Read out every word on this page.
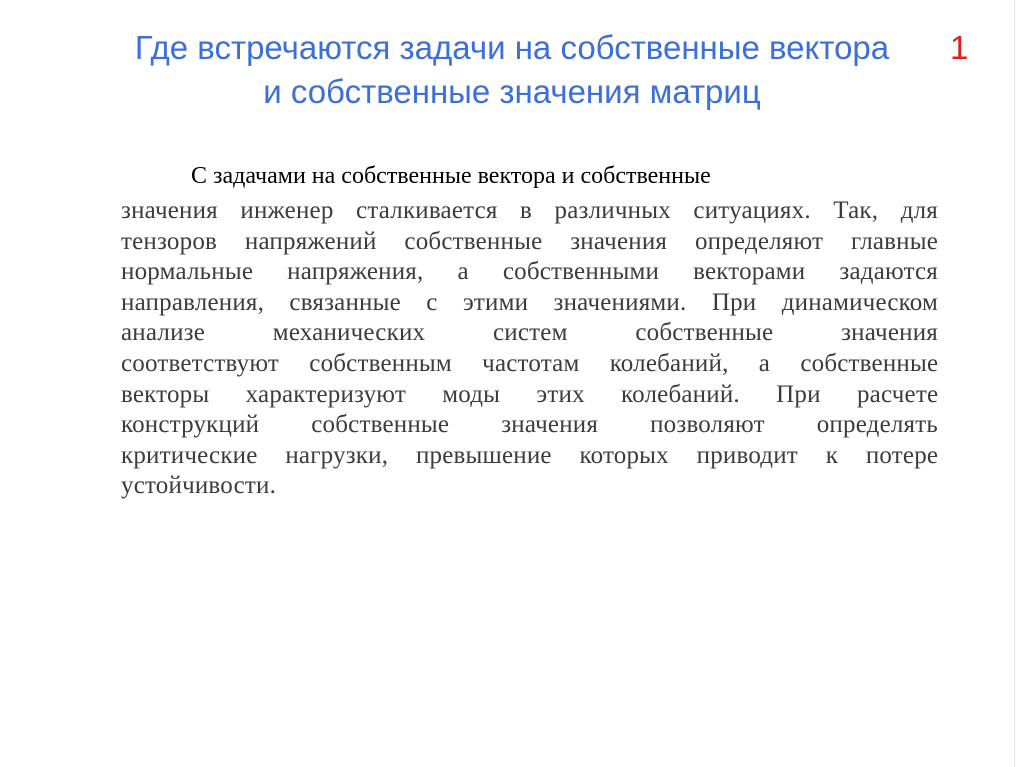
Где встречаются задачи на собственные вектора
и собственные значения матриц
1
С задачами на собственные вектора и собственные
значения инженер сталкивается в различных ситуациях. Так, для
тензоров напряжений собственные значения определяют главные
нормальные напряжения, а собственными векторами задаются
направления, связанные с этими значениями. При динамическом
анализе механических систем собственные значения
соответствуют собственным частотам колебаний, а собственные
векторы характеризуют моды этих колебаний. При расчете
конструкций собственные значения позволяют определять
критические нагрузки, превышение которых приводит к потере
устойчивости.
